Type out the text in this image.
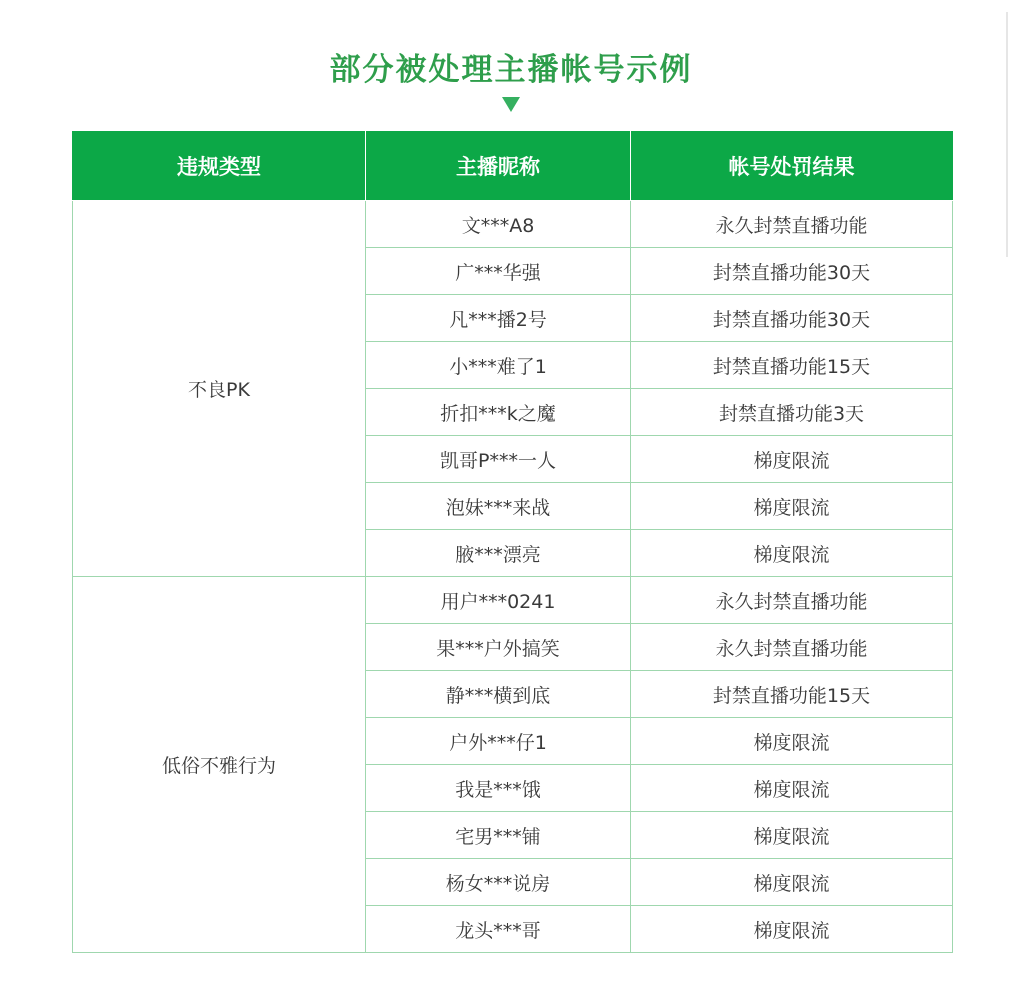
部分被处理主播帐号示例
违规类型	主播昵称	帐号处罚结果
不良PK	文***A8	永久封禁直播功能
	广***华强	封禁直播功能30天
	凡***播2号	封禁直播功能30天
	小***难了1	封禁直播功能15天
	折扣***k之魔	封禁直播功能3天
	凯哥P***一人	梯度限流
	泡妹***来战	梯度限流
	腋***漂亮	梯度限流
低俗不雅行为	用户***0241	永久封禁直播功能
	果***户外搞笑	永久封禁直播功能
	静***横到底	封禁直播功能15天
	户外***仔1	梯度限流
	我是***饿	梯度限流
	宅男***铺	梯度限流
	杨女***说房	梯度限流
	龙头***哥	梯度限流
